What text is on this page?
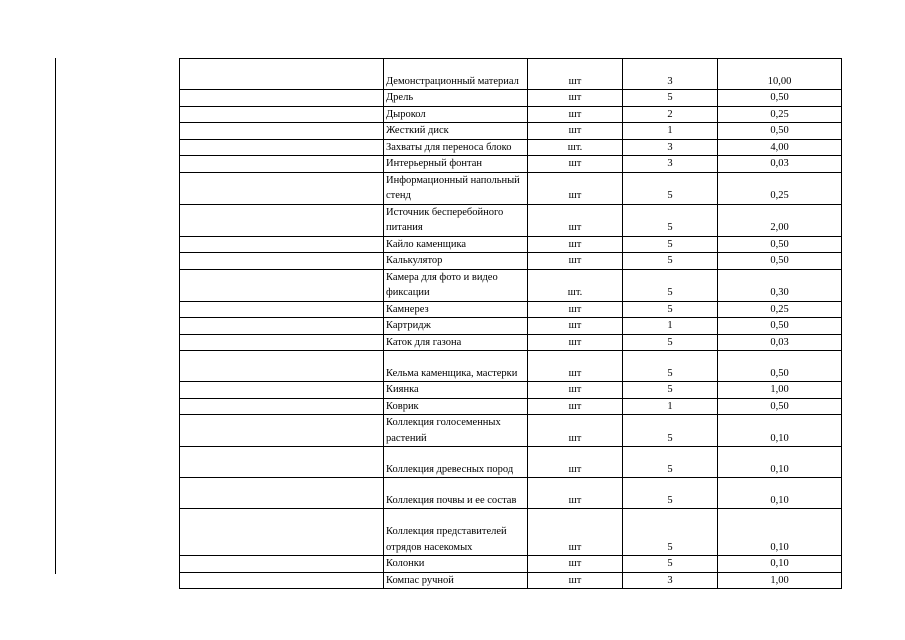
	Демонстрационный материал	шт	3	10,00
	Дрель	шт	5	0,50
	Дырокол	шт	2	0,25
	Жесткий диск	шт	1	0,50
	Захваты для переноса блоко	шт.	3	4,00
	Интерьерный фонтан	шт	3	0,03
	Информационный напольный стенд	шт	5	0,25
	Источник бесперебойного питания	шт	5	2,00
	Кайло каменщика	шт	5	0,50
	Калькулятор	шт	5	0,50
	Камера для фото и видео фиксации	шт.	5	0,30
	Камнерез	шт	5	0,25
	Картридж	шт	1	0,50
	Каток для газона	шт	5	0,03
	Кельма каменщика, мастерки	шт	5	0,50
	Киянка	шт	5	1,00
	Коврик	шт	1	0,50
	Коллекция голосеменных растений	шт	5	0,10
	Коллекция древесных пород	шт	5	0,10
	Коллекция почвы и ее состав	шт	5	0,10
	Коллекция представителей отрядов насекомых	шт	5	0,10
	Колонки	шт	5	0,10
	Компас ручной	шт	3	1,00
